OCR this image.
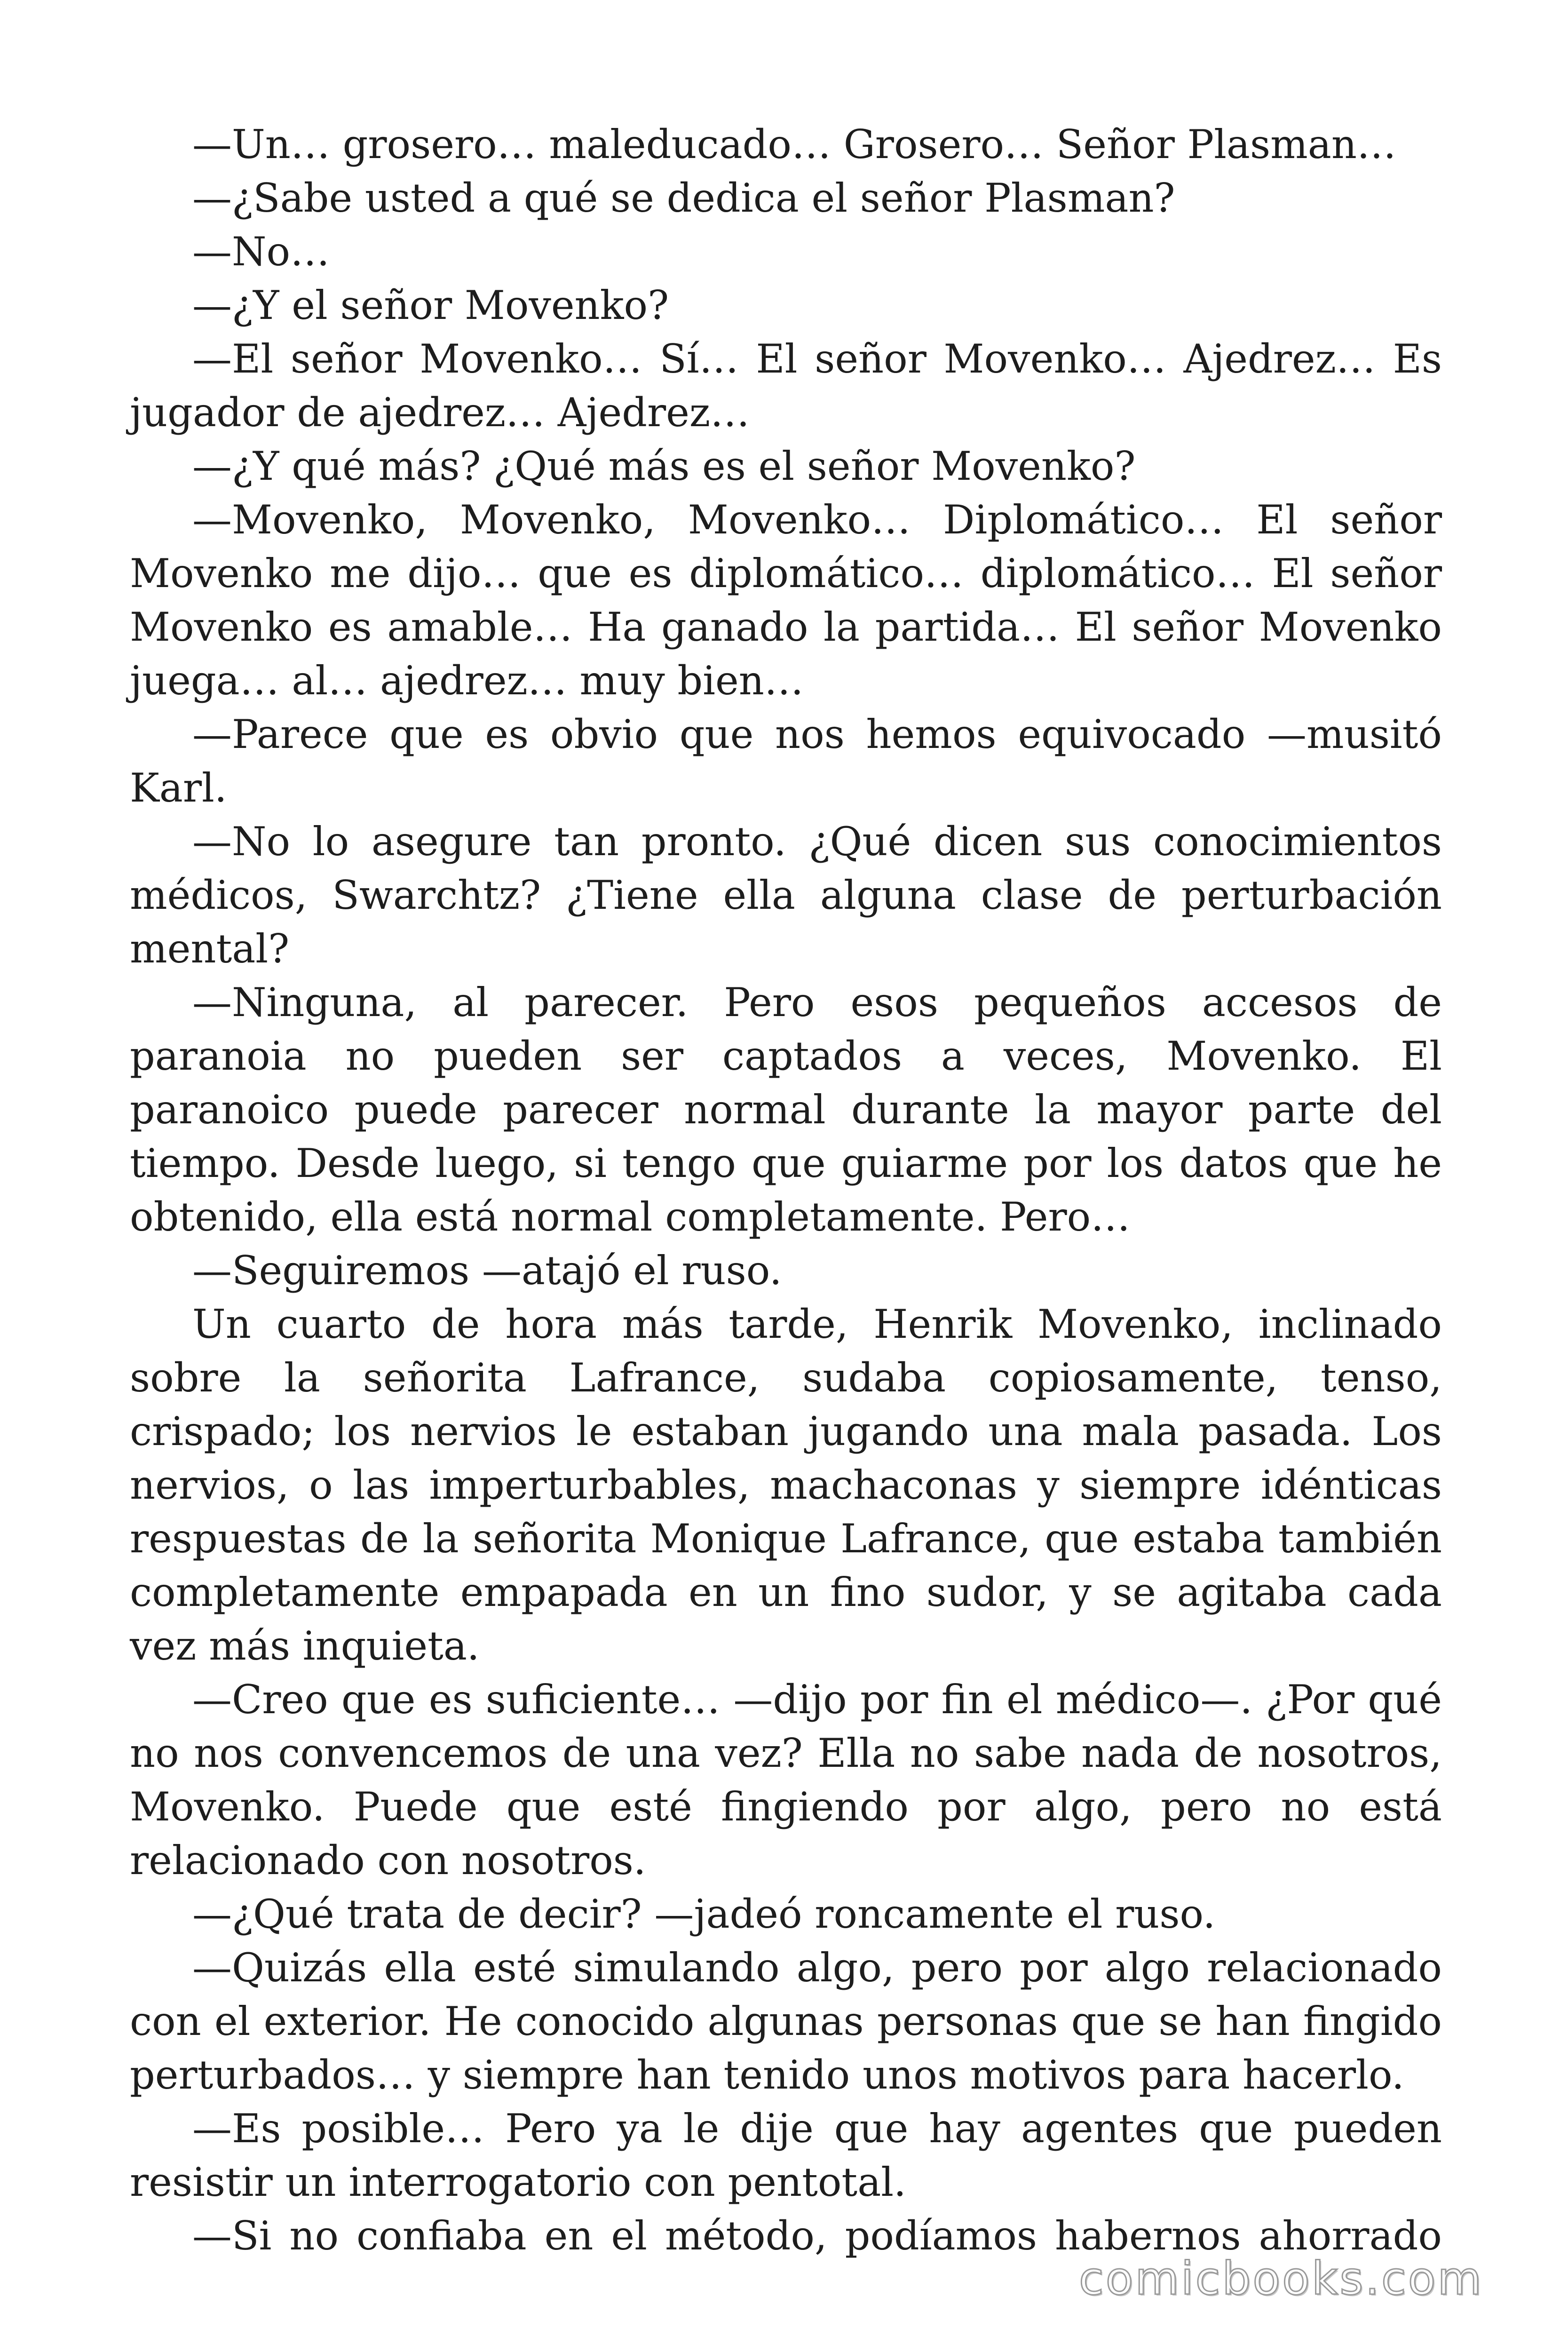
—Un… grosero… maleducado… Grosero… Señor Plasman…

—¿Sabe usted a qué se dedica el señor Plasman?

—No…

—¿Y el señor Movenko?

—El señor Movenko… Sí… El señor Movenko… Ajedrez… Es jugador de ajedrez… Ajedrez…

—¿Y qué más? ¿Qué más es el señor Movenko?

—Movenko, Movenko, Movenko… Diplomático… El señor Movenko me dijo… que es diplomático… diplomático… El señor Movenko es amable… Ha ganado la partida… El señor Movenko juega… al… ajedrez… muy bien…

—Parece que es obvio que nos hemos equivocado —musitó Karl.

—No lo asegure tan pronto. ¿Qué dicen sus conocimientos médicos, Swarchtz? ¿Tiene ella alguna clase de perturbación mental?

—Ninguna, al parecer. Pero esos pequeños accesos de paranoia no pueden ser captados a veces, Movenko. El paranoico puede parecer normal durante la mayor parte del tiempo. Desde luego, si tengo que guiarme por los datos que he obtenido, ella está normal completamente. Pero…

—Seguiremos —atajó el ruso.

Un cuarto de hora más tarde, Henrik Movenko, inclinado sobre la señorita Lafrance, sudaba copiosamente, tenso, crispado; los nervios le estaban jugando una mala pasada. Los nervios, o las imperturbables, machaconas y siempre idénticas respuestas de la señorita Monique Lafrance, que estaba también completamente empapada en un fino sudor, y se agitaba cada vez más inquieta.

—Creo que es suficiente… —dijo por fin el médico—. ¿Por qué no nos convencemos de una vez? Ella no sabe nada de nosotros, Movenko. Puede que esté fingiendo por algo, pero no está relacionado con nosotros.

—¿Qué trata de decir? —jadeó roncamente el ruso.

—Quizás ella esté simulando algo, pero por algo relacionado con el exterior. He conocido algunas personas que se han fingido perturbados… y siempre han tenido unos motivos para hacerlo.

—Es posible… Pero ya le dije que hay agentes que pueden resistir un interrogatorio con pentotal.

—Si no confiaba en el método, podíamos habernos ahorrado

comicbooks.com
